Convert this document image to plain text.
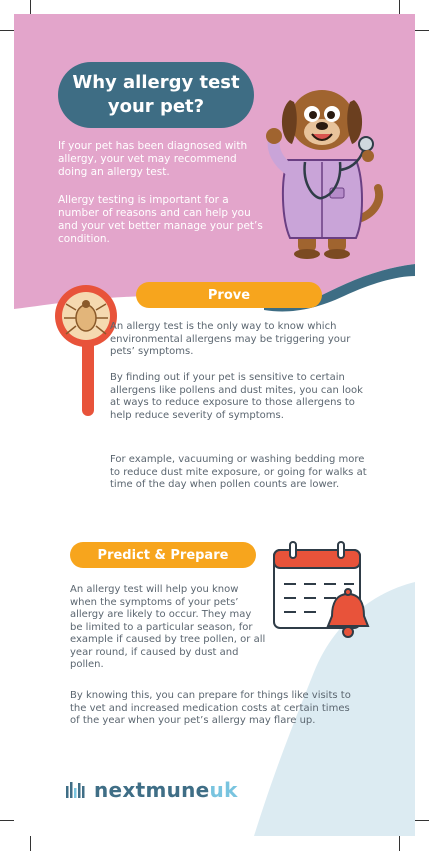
Why allergy test
your pet?

If your pet has been diagnosed with allergy, your vet may recommend doing an allergy test.

Allergy testing is important for a number of reasons and can help you and your vet better manage your pet’s condition.

Prove

An allergy test is the only way to know which environmental allergens may be triggering your pets’ symptoms.

By finding out if your pet is sensitive to certain allergens like pollens and dust mites, you can look at ways to reduce exposure to those allergens to help reduce severity of symptoms.

For example, vacuuming or washing bedding more to reduce dust mite exposure, or going for walks at time of the day when pollen counts are lower.

Predict & Prepare

An allergy test will help you know when the symptoms of your pets’ allergy are likely to occur. They may be limited to a particular season, for example if caused by tree pollen, or all year round, if caused by dust and pollen.

By knowing this, you can prepare for things like visits to the vet and increased medication costs at certain times of the year when your pet’s allergy may flare up.

nextmuneuk
